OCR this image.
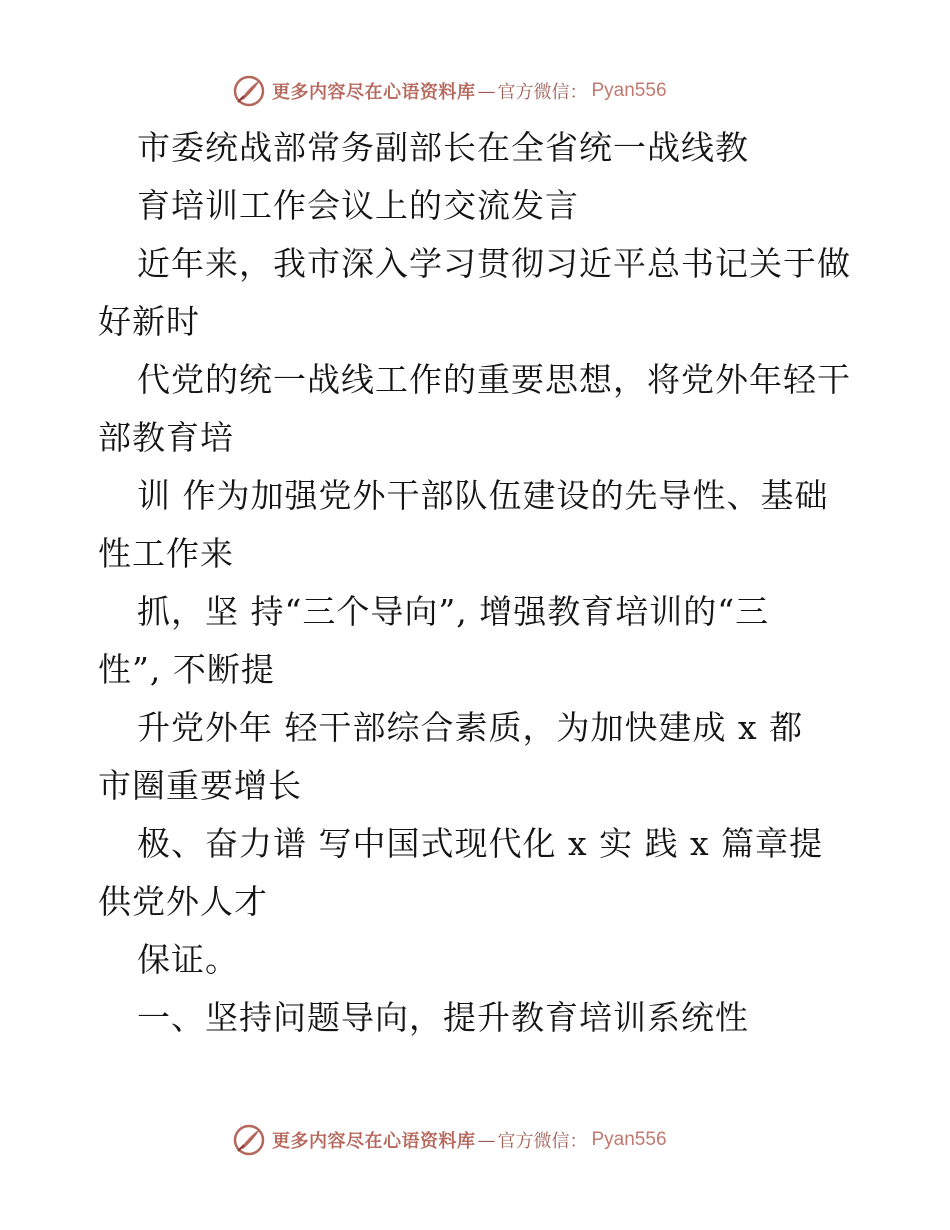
更多内容尽在心语资料库 — 官方微信： Pyan556
市委统战部常务副部长在全省统一战线教
育培训工作会议上的交流发言
近年来，我市深入学习贯彻习近平总书记关于做
好新时
代党的统一战线工作的重要思想，将党外年轻干
部教育培
训 作为加强党外干部队伍建设的先导性、基础
性工作来
抓，坚 持“三个导向”, 增强教育培训的“三
性”, 不断提
升党外年 轻干部综合素质，为加快建成 x 都
市圈重要增长
极、奋力谱 写中国式现代化 x 实 践 x 篇章提
供党外人才
保证。
一、坚持问题导向，提升教育培训系统性
更多内容尽在心语资料库 — 官方微信： Pyan556
